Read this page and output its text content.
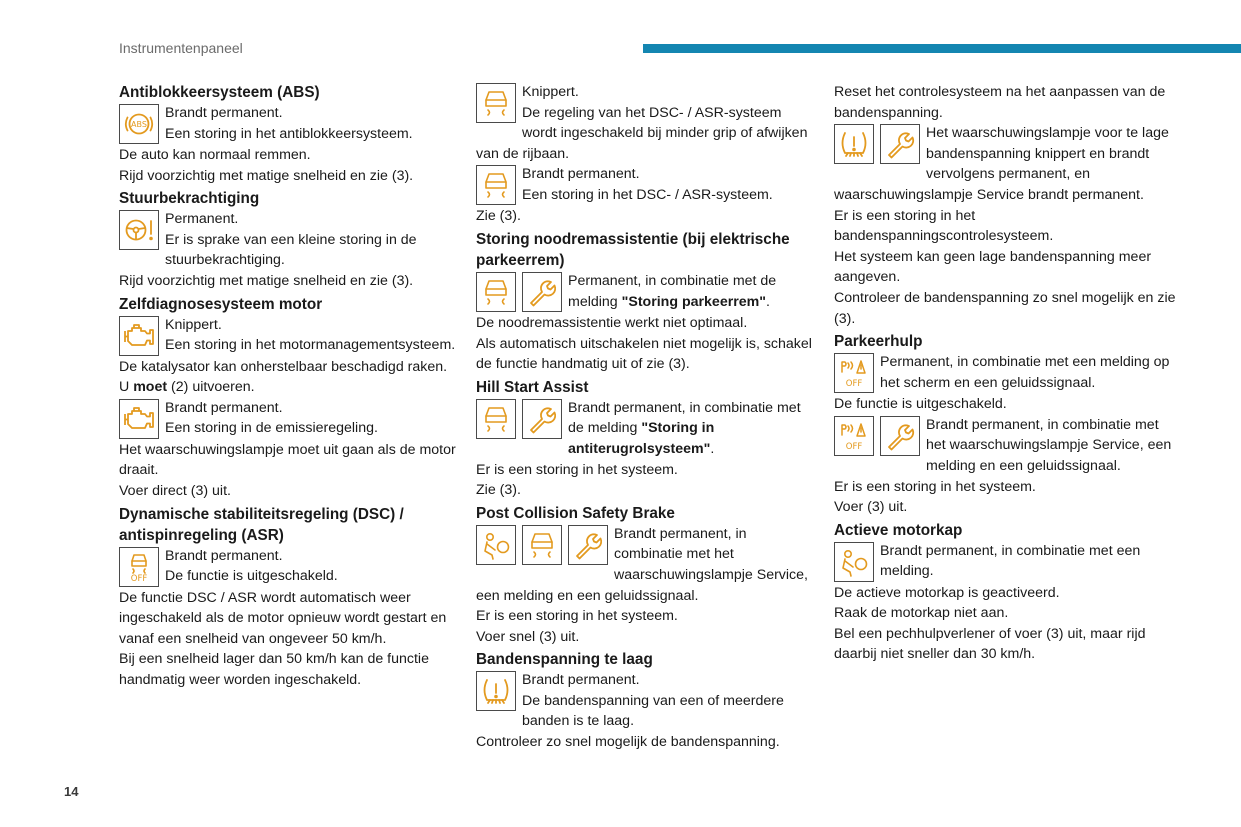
Instrumentenpaneel
Antiblokkeersysteem (ABS)
ABS

Brandt permanent.

Een storing in het antiblokkeersysteem.

De auto kan normaal remmen.

Rijd voorzichtig met matige snelheid en zie (3).

Stuurbekrachtiging

Permanent.

Er is sprake van een kleine storing in de stuurbekrachtiging.

Rijd voorzichtig met matige snelheid en zie (3).

Zelfdiagnosesysteem motor

Knippert.

Een storing in het motormanagementsysteem.

De katalysator kan onherstelbaar beschadigd raken.

U moet (2) uitvoeren.

Brandt permanent.

Een storing in de emissieregeling.

Het waarschuwingslampje moet uit gaan als de motor draait.

Voer direct (3) uit.

Dynamische stabiliteitsregeling (DSC) / antispinregeling (ASR)
OFF

Brandt permanent.

De functie is uitgeschakeld.

De functie DSC / ASR wordt automatisch weer ingeschakeld als de motor opnieuw wordt gestart en vanaf een snelheid van ongeveer 50 km/h.

Bij een snelheid lager dan 50 km/h kan de functie handmatig weer worden ingeschakeld.

Knippert.

De regeling van het DSC- / ASR-systeem wordt ingeschakeld bij minder grip of afwijken van de rijbaan.

Brandt permanent.

Een storing in het DSC- / ASR-systeem.

Zie (3).

Storing noodremassistentie (bij elektrische parkeerrem)

Permanent, in combinatie met de melding "Storing parkeerrem".

De noodremassistentie werkt niet optimaal.

Als automatisch uitschakelen niet mogelijk is, schakel de functie handmatig uit of zie (3).

Hill Start Assist

Brandt permanent, in combinatie met de melding "Storing in antiterugrolsysteem".

Er is een storing in het systeem.

Zie (3).

Post Collision Safety Brake

Brandt permanent, in combinatie met het waarschuwingslampje Service, een melding en een geluidssignaal.

Er is een storing in het systeem.

Voer snel (3) uit.

Bandenspanning te laag

Brandt permanent.

De bandenspanning van een of meerdere banden is te laag.

Controleer zo snel mogelijk de bandenspanning.

Reset het controlesysteem na het aanpassen van de bandenspanning.

Het waarschuwingslampje voor te lage bandenspanning knippert en brandt vervolgens permanent, en waarschuwingslampje Service brandt permanent.

Er is een storing in het bandenspanningscontrolesysteem.

Het systeem kan geen lage bandenspanning meer aangeven.

Controleer de bandenspanning zo snel mogelijk en zie (3).

Parkeerhulp
OFF

Permanent, in combinatie met een melding op het scherm en een geluidssignaal.

De functie is uitgeschakeld.

OFF

Brandt permanent, in combinatie met het waarschuwingslampje Service, een melding en een geluidssignaal.

Er is een storing in het systeem.

Voer (3) uit.

Actieve motorkap

Brandt permanent, in combinatie met een melding.

De actieve motorkap is geactiveerd.

Raak de motorkap niet aan.

Bel een pechhulpverlener of voer (3) uit, maar rijd daarbij niet sneller dan 30 km/h.

14
